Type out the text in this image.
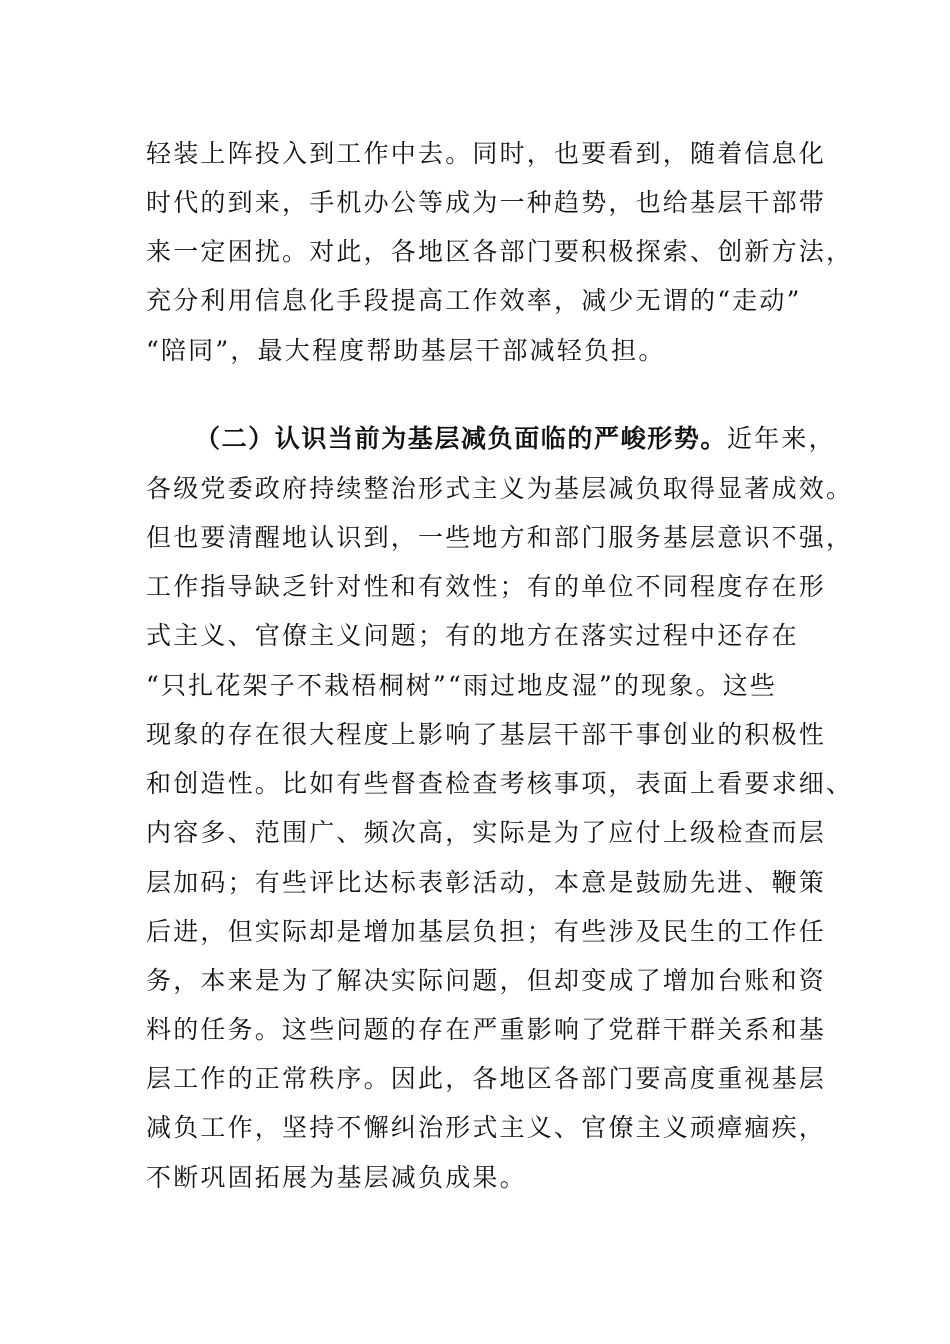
轻装上阵投入到工作中去。同时，也要看到，随着信息化
时代的到来，手机办公等成为一种趋势，也给基层干部带
来一定困扰。对此，各地区各部门要积极探索、创新方法，
充分利用信息化手段提高工作效率，减少无谓的“走动”
“陪同”，最大程度帮助基层干部减轻负担。
（二）认识当前为基层减负面临的严峻形势。近年来，
各级党委政府持续整治形式主义为基层减负取得显著成效。
但也要清醒地认识到，一些地方和部门服务基层意识不强，
工作指导缺乏针对性和有效性；有的单位不同程度存在形
式主义、官僚主义问题；有的地方在落实过程中还存在
“只扎花架子不栽梧桐树”“雨过地皮湿”的现象。这些
现象的存在很大程度上影响了基层干部干事创业的积极性
和创造性。比如有些督查检查考核事项，表面上看要求细、
内容多、范围广、频次高，实际是为了应付上级检查而层
层加码；有些评比达标表彰活动，本意是鼓励先进、鞭策
后进，但实际却是增加基层负担；有些涉及民生的工作任
务，本来是为了解决实际问题，但却变成了增加台账和资
料的任务。这些问题的存在严重影响了党群干群关系和基
层工作的正常秩序。因此，各地区各部门要高度重视基层
减负工作，坚持不懈纠治形式主义、官僚主义顽瘴痼疾，
不断巩固拓展为基层减负成果。
